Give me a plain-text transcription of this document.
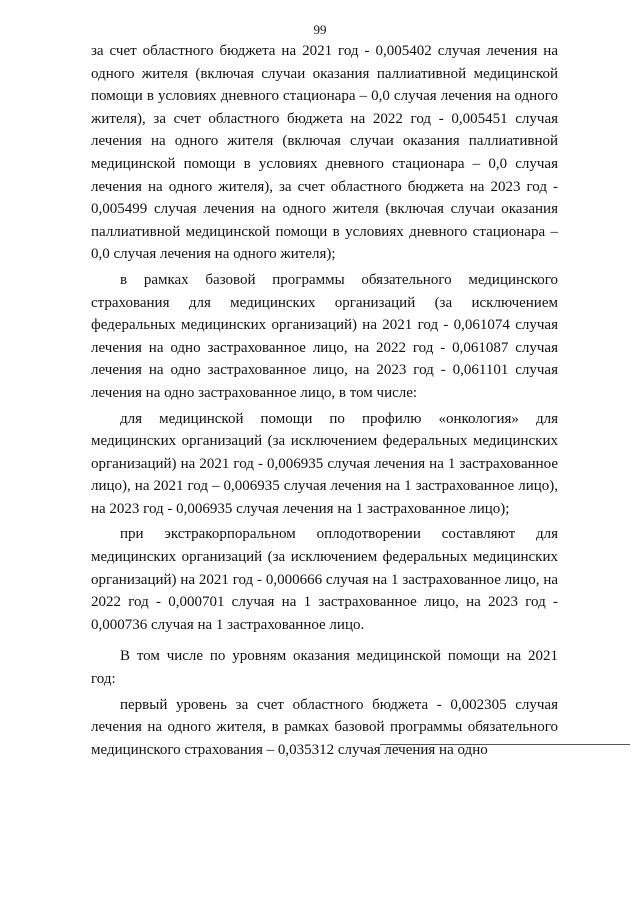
99

за счет областного бюджета на 2021 год - 0,005402 случая лечения на одного жителя (включая случаи оказания паллиативной медицинской помощи в условиях дневного стационара – 0,0 случая лечения на одного жителя), за счет областного бюджета на 2022 год - 0,005451 случая лечения на одного жителя (включая случаи оказания паллиативной медицинской помощи в условиях дневного стационара – 0,0 случая лечения на одного жителя), за счет областного бюджета на 2023 год - 0,005499 случая лечения на одного жителя (включая случаи оказания паллиативной медицинской помощи в условиях дневного стационара – 0,0 случая лечения на одного жителя);

в рамках базовой программы обязательного медицинского страхования для медицинских организаций (за исключением федеральных медицинских организаций) на 2021 год - 0,061074 случая лечения на одно застрахованное лицо, на 2022 год - 0,061087 случая лечения на одно застрахованное лицо, на 2023 год - 0,061101 случая лечения на одно застрахованное лицо, в том числе:

для медицинской помощи по профилю «онкология» для медицинских организаций (за исключением федеральных медицинских организаций) на 2021 год - 0,006935 случая лечения на 1 застрахованное лицо), на 2021 год – 0,006935 случая лечения на 1 застрахованное лицо), на 2023 год - 0,006935 случая лечения на 1 застрахованное лицо);

при экстракорпоральном оплодотворении составляют для медицинских организаций (за исключением федеральных медицинских организаций) на 2021 год - 0,000666 случая на 1 застрахованное лицо, на 2022 год - 0,000701 случая на 1 застрахованное лицо, на 2023 год - 0,000736 случая на 1 застрахованное лицо.

В том числе по уровням оказания медицинской помощи на 2021 год:

первый уровень за счет областного бюджета - 0,002305 случая лечения на одного жителя, в рамках базовой программы обязательного медицинского страхования – 0,035312 случая лечения на одно
